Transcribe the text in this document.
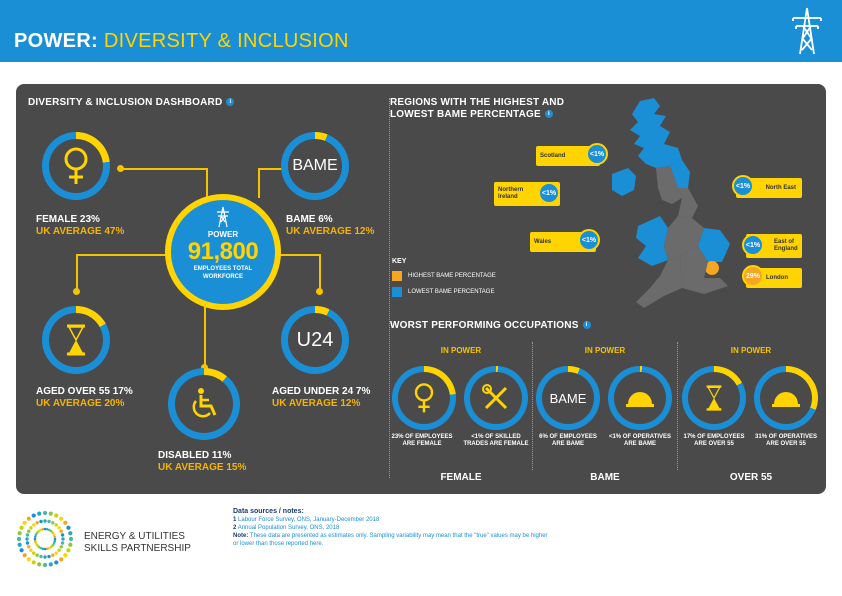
POWER: DIVERSITY & INCLUSION
DIVERSITY & INCLUSION DASHBOARD i
FEMALE 23%
UK AVERAGE 47%
BAME
BAME 6%
UK AVERAGE 12%
POWER
91,800
EMPLOYEES TOTAL WORKFORCE
AGED OVER 55 17%
UK AVERAGE 20%
U24
AGED UNDER 24 7%
UK AVERAGE 12%
DISABLED 11%
UK AVERAGE 15%
REGIONS WITH THE HIGHEST AND
LOWEST BAME PERCENTAGE i
Scotland	<1%
Northern Ireland
<1%
Wales	<1%
<1%	North East
<1%	East of England
29%	London
KEY
HIGHEST BAME PERCENTAGE
LOWEST BAME PERCENTAGE
WORST PERFORMING OCCUPATIONS i
IN POWER
23% OF EMPLOYEES ARE FEMALE
<1% OF SKILLED TRADES ARE FEMALE
FEMALE
IN POWER
BAME
6% OF EMPLOYEES ARE BAME
<1% OF OPERATIVES ARE BAME
BAME
IN POWER
17% OF EMPLOYEES ARE OVER 55
31% OF OPERATIVES ARE OVER 55
OVER 55
ENERGY & UTILITIES
SKILLS PARTNERSHIP
Data sources / notes:
1 Labour Force Survey, ONS, January-December 2018
2 Annual Population Survey, ONS, 2018
Note: These data are presented as estimates only. Sampling variability may mean that the "true" values may be higher or lower than those reported here.
